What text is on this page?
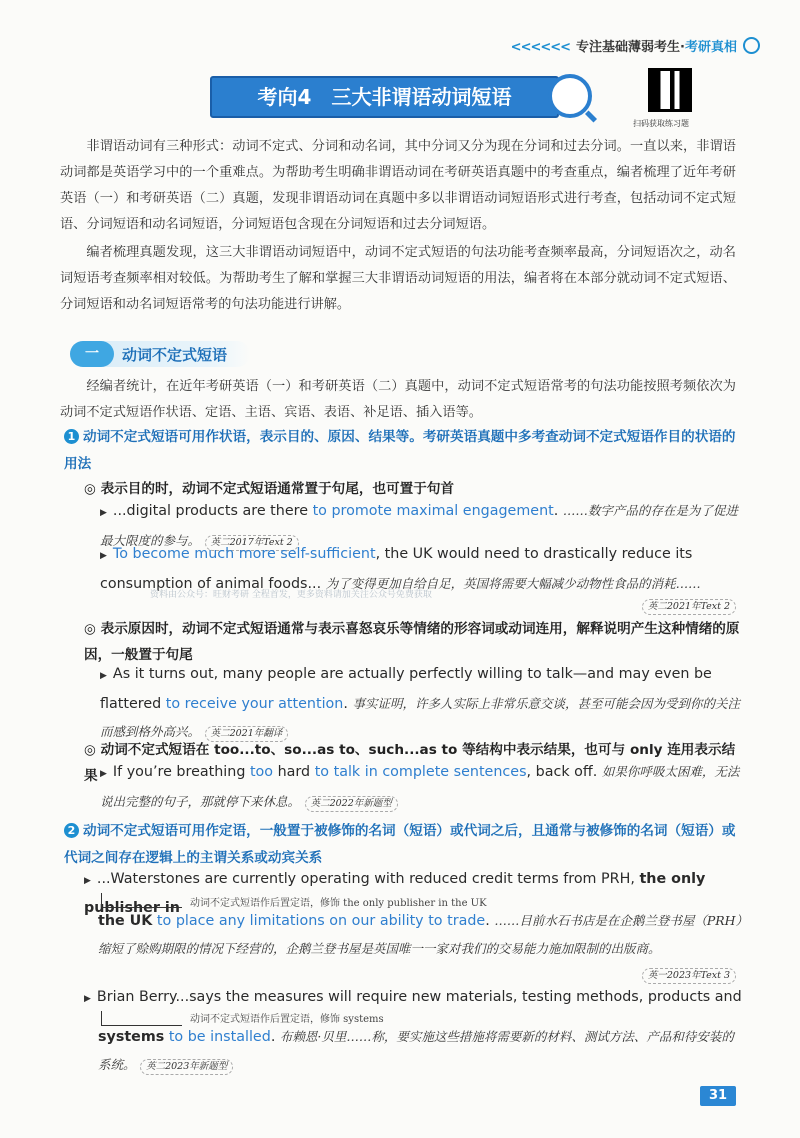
<<<<<< 专注基础薄弱考生·考研真相
考向4　三大非谓语动词短语
扫码获取练习题
非谓语动词有三种形式：动词不定式、分词和动名词，其中分词又分为现在分词和过去分词。一直以来，非谓语动词都是英语学习中的一个重难点。为帮助考生明确非谓语动词在考研英语真题中的考查重点，编者梳理了近年考研英语（一）和考研英语（二）真题，发现非谓语动词在真题中多以非谓语动词短语形式进行考查，包括动词不定式短语、分词短语和动名词短语，分词短语包含现在分词短语和过去分词短语。
编者梳理真题发现，这三大非谓语动词短语中，动词不定式短语的句法功能考查频率最高，分词短语次之，动名词短语考查频率相对较低。为帮助考生了解和掌握三大非谓语动词短语的用法，编者将在本部分就动词不定式短语、分词短语和动名词短语常考的句法功能进行讲解。
一	动词不定式短语
经编者统计，在近年考研英语（一）和考研英语（二）真题中，动词不定式短语常考的句法功能按照考频依次为动词不定式短语作状语、定语、主语、宾语、表语、补足语、插入语等。
1 动词不定式短语可用作状语，表示目的、原因、结果等。考研英语真题中多考查动词不定式短语作目的状语的用法
◎ 表示目的时，动词不定式短语通常置于句尾，也可置于句首
▶ ...digital products are there to promote maximal engagement. ……数字产品的存在是为了促进最大限度的参与。 英二2017年Text 2
▶ To become much more self-sufficient, the UK would need to drastically reduce its consumption of animal foods... 为了变得更加自给自足，英国将需要大幅减少动物性食品的消耗……
英二2021年Text 2
资料由公众号：旺财考研 全程首发，更多资料请加关注公众号免费获取
◎ 表示原因时，动词不定式短语通常与表示喜怒哀乐等情绪的形容词或动词连用，解释说明产生这种情绪的原因，一般置于句尾
▶ As it turns out, many people are actually perfectly willing to talk—and may even be flattered to receive your attention. 事实证明，许多人实际上非常乐意交谈，甚至可能会因为受到你的关注而感到格外高兴。 英二2021年翻译
◎ 动词不定式短语在 too...to、so...as to、such...as to 等结构中表示结果，也可与 only 连用表示结果 ▶ If you’re breathing too hard to talk in complete sentences, back off. 如果你呼吸太困难，无法说出完整的句子，那就停下来休息。 英二2022年新题型
2 动词不定式短语可用作定语，一般置于被修饰的名词（短语）或代词之后，且通常与被修饰的名词（短语）或代词之间存在逻辑上的主谓关系或动宾关系
▶ ...Waterstones are currently operating with reduced credit terms from PRH, the only publisher in	动词不定式短语作后置定语，修饰 the only publisher in the UK
the UK to place any limitations on our ability to trade. ……目前水石书店是在企鹅兰登书屋（PRH）缩短了赊购期限的情况下经营的，企鹅兰登书屋是英国唯一一家对我们的交易能力施加限制的出版商。
英一2023年Text 3
▶ Brian Berry...says the measures will require new materials, testing methods, products and
动词不定式短语作后置定语，修饰 systems
systems to be installed. 布赖恩·贝里……称，要实施这些措施将需要新的材料、测试方法、产品和待安装的系统。 英二2023年新题型
31
